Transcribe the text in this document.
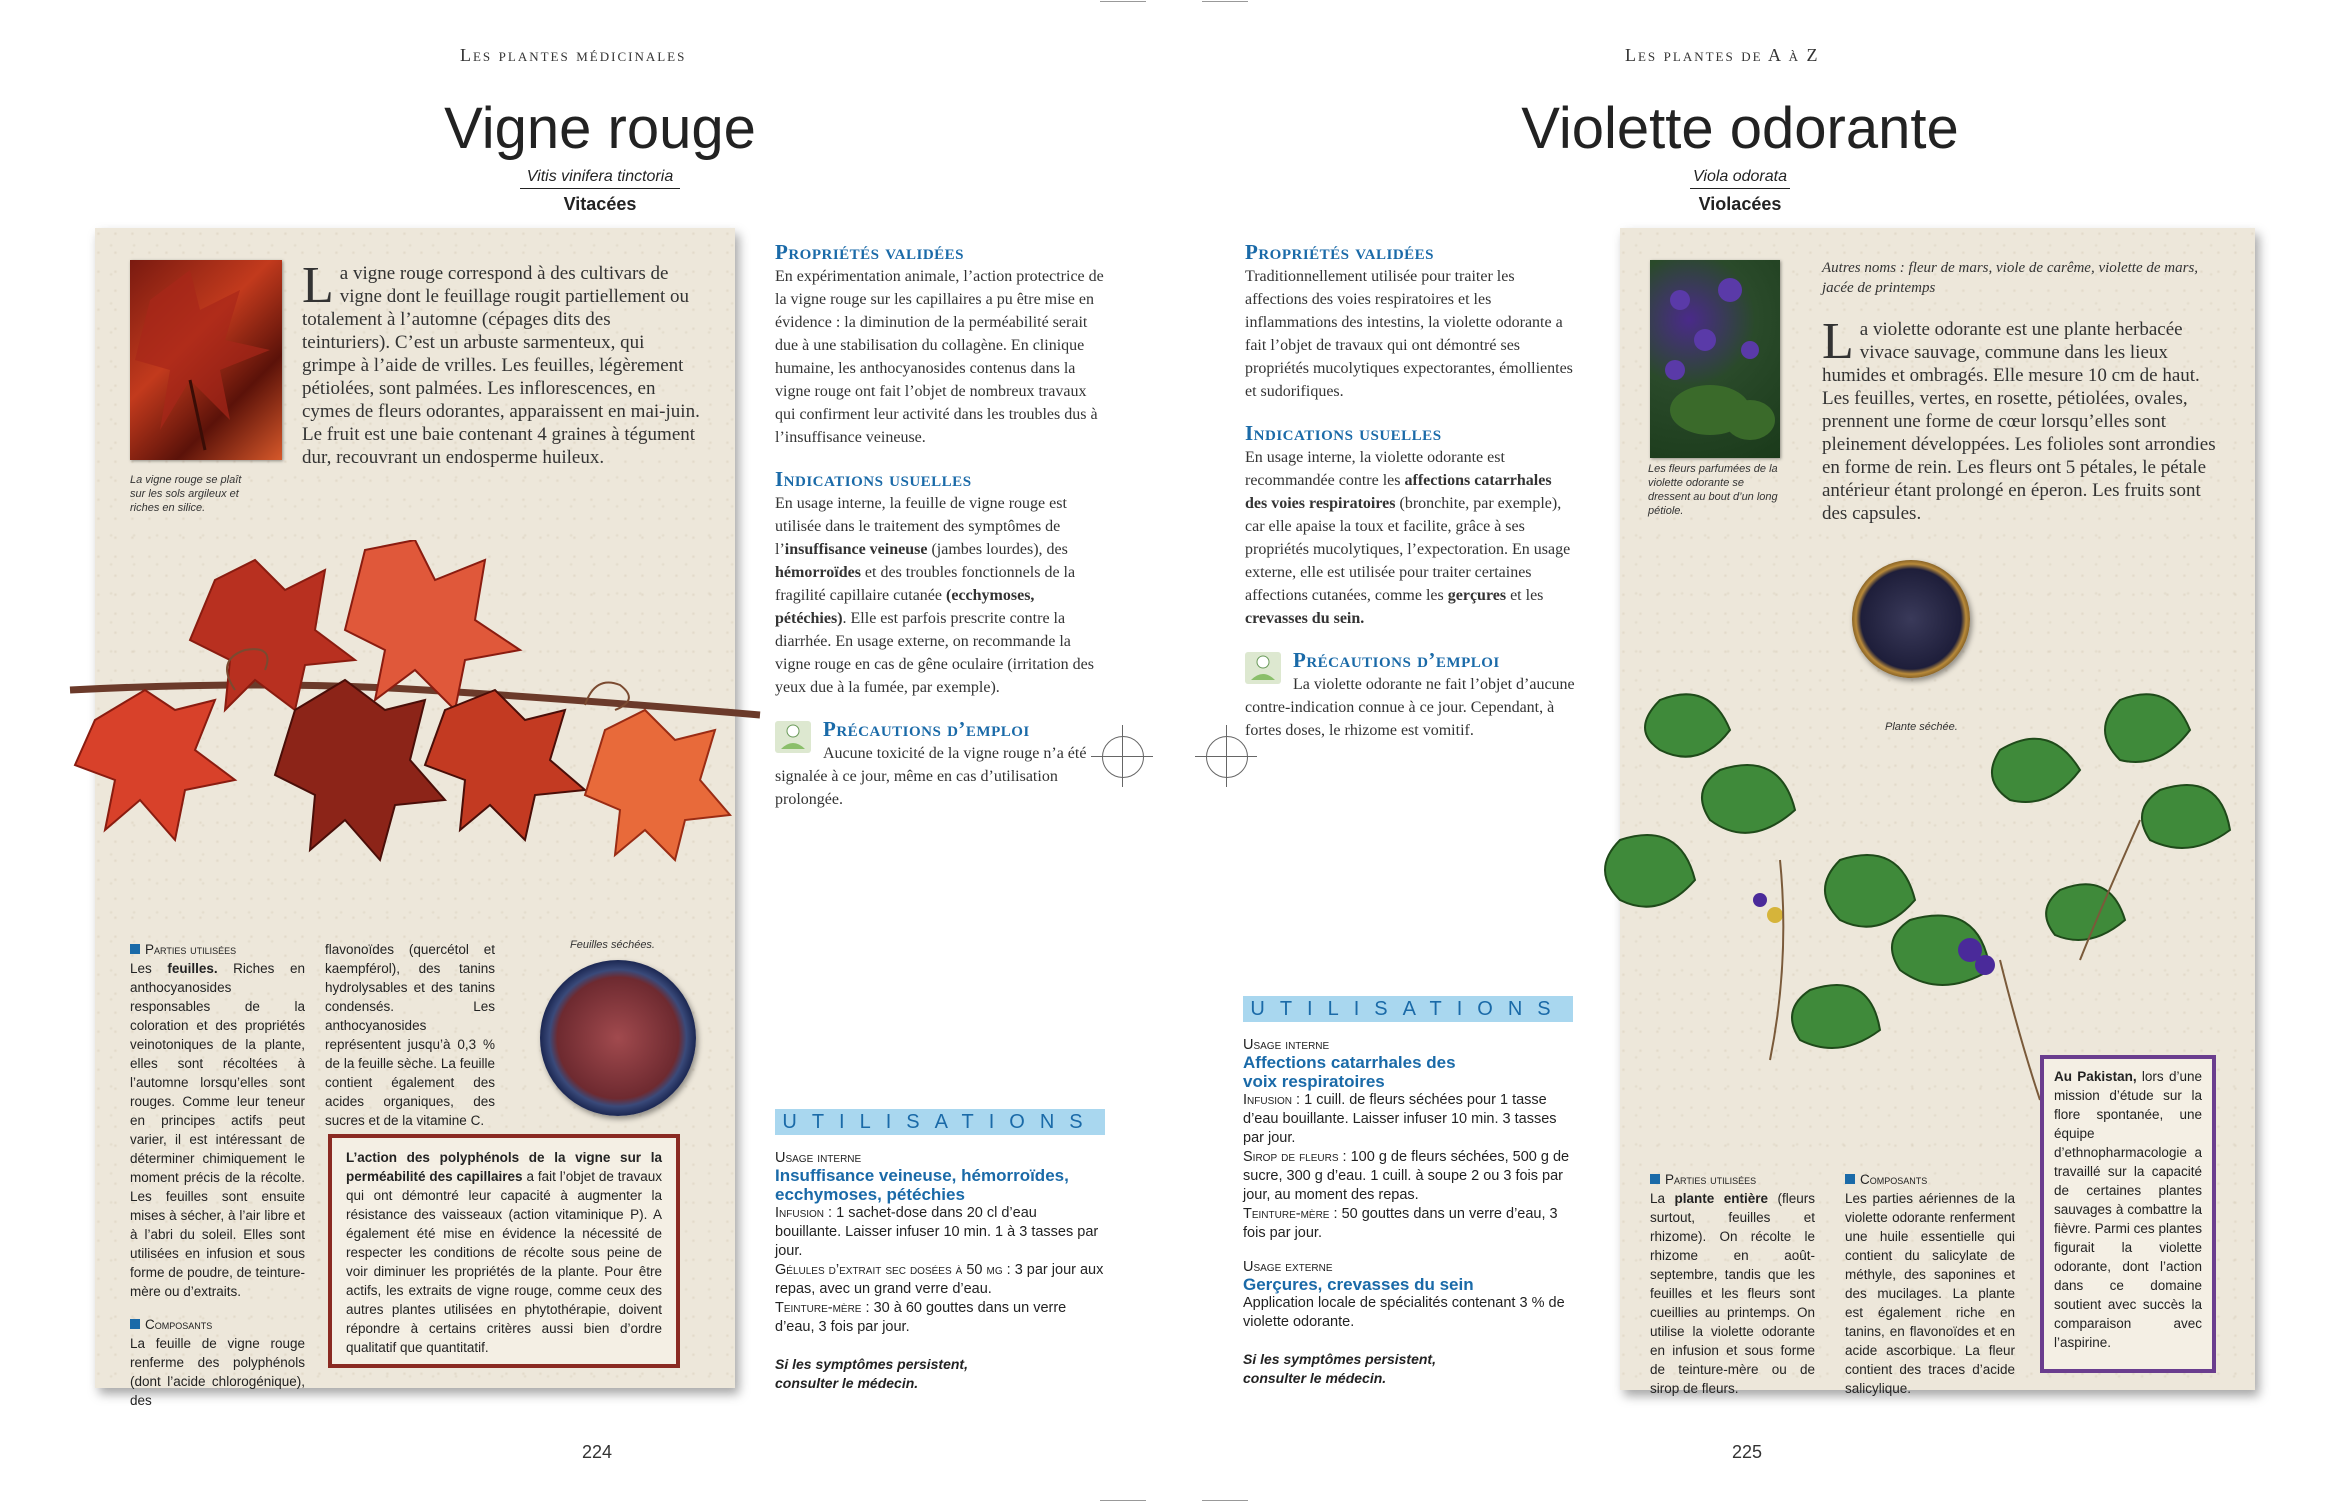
Les plantes médicinales
Vigne rouge
Vitis vinifera tinctoria
Vitacées
La vigne rouge se plaît sur les sols argileux et riches en silice.
La vigne rouge correspond à des cultivars de vigne dont le feuillage rougit partiellement ou totalement à l’automne (cépages dits des teinturiers). C’est un arbuste sarmenteux, qui grimpe à l’aide de vrilles. Les feuilles, légèrement pétiolées, sont palmées. Les inflorescences, en cymes de fleurs odorantes, apparaissent en mai-juin. Le fruit est une baie contenant 4 graines à tégument dur, recouvrant un endosperme huileux.
Feuilles séchées.
Parties utilisées
Les feuilles. Riches en anthocyanosides responsables de la coloration et des propriétés veinotoniques de la plante, elles sont récoltées à l’automne lorsqu’elles sont rouges. Comme leur teneur en principes actifs peut varier, il est intéressant de déterminer chimiquement le moment précis de la récolte. Les feuilles sont ensuite mises à sécher, à l’air libre et à l’abri du soleil. Elles sont utilisées en infusion et sous forme de poudre, de teinture-mère ou d’extraits.
Composants
La feuille de vigne rouge renferme des polyphénols (dont l’acide chlorogénique), des
flavonoïdes (quercétol et kaempférol), des tanins hydrolysables et des tanins condensés. Les anthocyanosides représentent jusqu’à 0,3 % de la feuille sèche. La feuille contient également des acides organiques, des sucres et de la vitamine C.
L’action des polyphénols de la vigne sur la perméabilité des capillaires a fait l’objet de travaux qui ont démontré leur capacité à augmenter la résistance des vaisseaux (action vitaminique P). A également été mise en évidence la nécessité de respecter les conditions de récolte sous peine de voir diminuer les propriétés de la plante. Pour être actifs, les extraits de vigne rouge, comme ceux des autres plantes utilisées en phytothérapie, doivent répondre à certains critères aussi bien d’ordre qualitatif que quantitatif.
Propriétés validées
En expérimentation animale, l’action protectrice de la vigne rouge sur les capillaires a pu être mise en évidence : la diminution de la perméabilité serait due à une stabilisation du collagène. En clinique humaine, les anthocyanosides contenus dans la vigne rouge ont fait l’objet de nombreux travaux qui confirment leur activité dans les troubles dus à l’insuffisance veineuse.
Indications usuelles
En usage interne, la feuille de vigne rouge est utilisée dans le traitement des symptômes de l’insuffisance veineuse (jambes lourdes), des hémorroïdes et des troubles fonctionnels de la fragilité capillaire cutanée (ecchymoses, pétéchies). Elle est parfois prescrite contre la diarrhée. En usage externe, on recommande la vigne rouge en cas de gêne oculaire (irritation des yeux due à la fumée, par exemple).
Précautions d’emploi
Aucune toxicité de la vigne rouge n’a été signalée à ce jour, même en cas d’utilisation prolongée.
UTILISATIONS
Usage interne
Insuffisance veineuse, hémorroïdes, ecchymoses, pétéchies
Infusion : 1 sachet-dose dans 20 cl d’eau bouillante. Laisser infuser 10 min. 1 à 3 tasses par jour.
Gélules d’extrait sec dosées à 50 mg : 3 par jour aux repas, avec un grand verre d’eau.
Teinture-mère : 30 à 60 gouttes dans un verre d’eau, 3 fois par jour.
Si les symptômes persistent, consulter le médecin.
224
Les plantes de A à Z
Violette odorante
Viola odorata
Violacées
Propriétés validées
Traditionnellement utilisée pour traiter les affections des voies respiratoires et les inflammations des intestins, la violette odorante a fait l’objet de travaux qui ont démontré ses propriétés mucolytiques expectorantes, émollientes et sudorifiques.
Indications usuelles
En usage interne, la violette odorante est recommandée contre les affections catarrhales des voies respiratoires (bronchite, par exemple), car elle apaise la toux et facilite, grâce à ses propriétés mucolytiques, l’expectoration. En usage externe, elle est utilisée pour traiter certaines affections cutanées, comme les gerçures et les crevasses du sein.
Précautions d’emploi
La violette odorante ne fait l’objet d’aucune contre-indication connue à ce jour. Cependant, à fortes doses, le rhizome est vomitif.
UTILISATIONS
Usage interne
Affections catarrhales des voix respiratoires
Infusion : 1 cuill. de fleurs séchées pour 1 tasse d’eau bouillante. Laisser infuser 10 min. 3 tasses par jour.
Sirop de fleurs : 100 g de fleurs séchées, 500 g de sucre, 300 g d’eau. 1 cuill. à soupe 2 ou 3 fois par jour, au moment des repas.
Teinture-mère : 50 gouttes dans un verre d’eau, 3 fois par jour.
Usage externe
Gerçures, crevasses du sein
Application locale de spécialités contenant 3 % de violette odorante.
Si les symptômes persistent, consulter le médecin.
Les fleurs parfumées de la violette odorante se dressent au bout d’un long pétiole.
Autres noms : fleur de mars, viole de carême, violette de mars, jacée de printemps
La violette odorante est une plante herbacée vivace sauvage, commune dans les lieux humides et ombragés. Elle mesure 10 cm de haut. Les feuilles, vertes, en rosette, pétiolées, ovales, prennent une forme de cœur lorsqu’elles sont pleinement développées. Les folioles sont arrondies en forme de rein. Les fleurs ont 5 pétales, le pétale antérieur étant prolongé en éperon. Les fruits sont des capsules.
Plante séchée.
Parties utilisées
La plante entière (fleurs surtout, feuilles et rhizome). On récolte le rhizome en août-septembre, tandis que les feuilles et les fleurs sont cueillies au printemps. On utilise la violette odorante en infusion et sous forme de teinture-mère ou de sirop de fleurs.
Composants
Les parties aériennes de la violette odorante renferment une huile essentielle qui contient du salicylate de méthyle, des saponines et des mucilages. La plante est également riche en tanins, en flavonoïdes et en acide ascorbique. La fleur contient des traces d’acide salicylique.
Au Pakistan, lors d’une mission d’étude sur la flore spontanée, une équipe d’ethnopharmacologie a travaillé sur la capacité de certaines plantes sauvages à combattre la fièvre. Parmi ces plantes figurait la violette odorante, dont l’action dans ce domaine soutient avec succès la comparaison avec l’aspirine.
225
